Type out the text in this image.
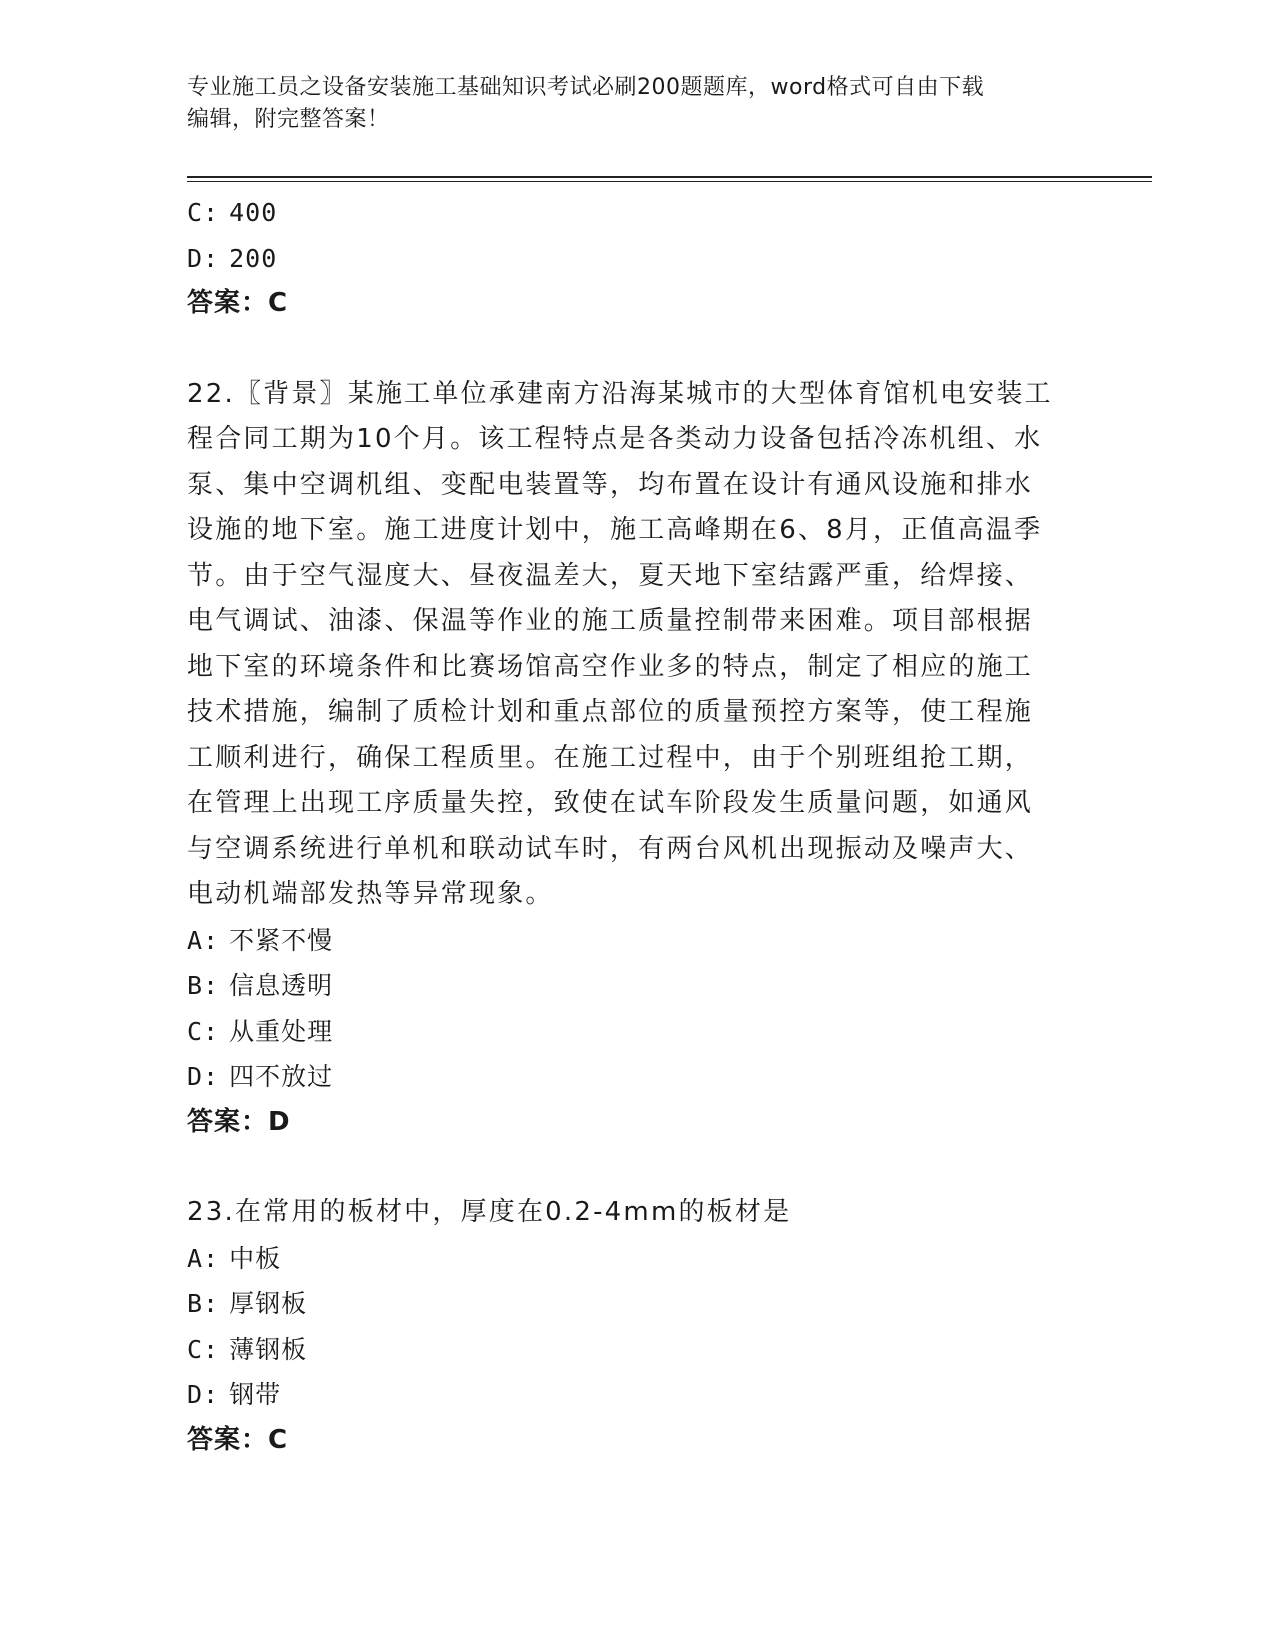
专业施工员之设备安装施工基础知识考试必刷200题题库，word格式可自由下载
编辑，附完整答案！
C: 400
D: 200
答案：C
22.〖背景〗某施工单位承建南方沿海某城市的大型体育馆机电安装工
程合同工期为10个月。该工程特点是各类动力设备包括冷冻机组、水
泵、集中空调机组、变配电装置等，均布置在设计有通风设施和排水
设施的地下室。施工进度计划中，施工高峰期在6、8月，正值高温季
节。由于空气湿度大、昼夜温差大，夏天地下室结露严重，给焊接、
电气调试、油漆、保温等作业的施工质量控制带来困难。项目部根据
地下室的环境条件和比赛场馆高空作业多的特点，制定了相应的施工
技术措施，编制了质检计划和重点部位的质量预控方案等，使工程施
工顺利进行，确保工程质里。在施工过程中，由于个别班组抢工期，
在管理上出现工序质量失控，致使在试车阶段发生质量问题，如通风
与空调系统进行单机和联动试车时，有两台风机出现振动及噪声大、
电动机端部发热等异常现象。
A: 不紧不慢
B: 信息透明
C: 从重处理
D: 四不放过
答案：D
23.在常用的板材中，厚度在0.2-4mm的板材是
A: 中板
B: 厚钢板
C: 薄钢板
D: 钢带
答案：C
